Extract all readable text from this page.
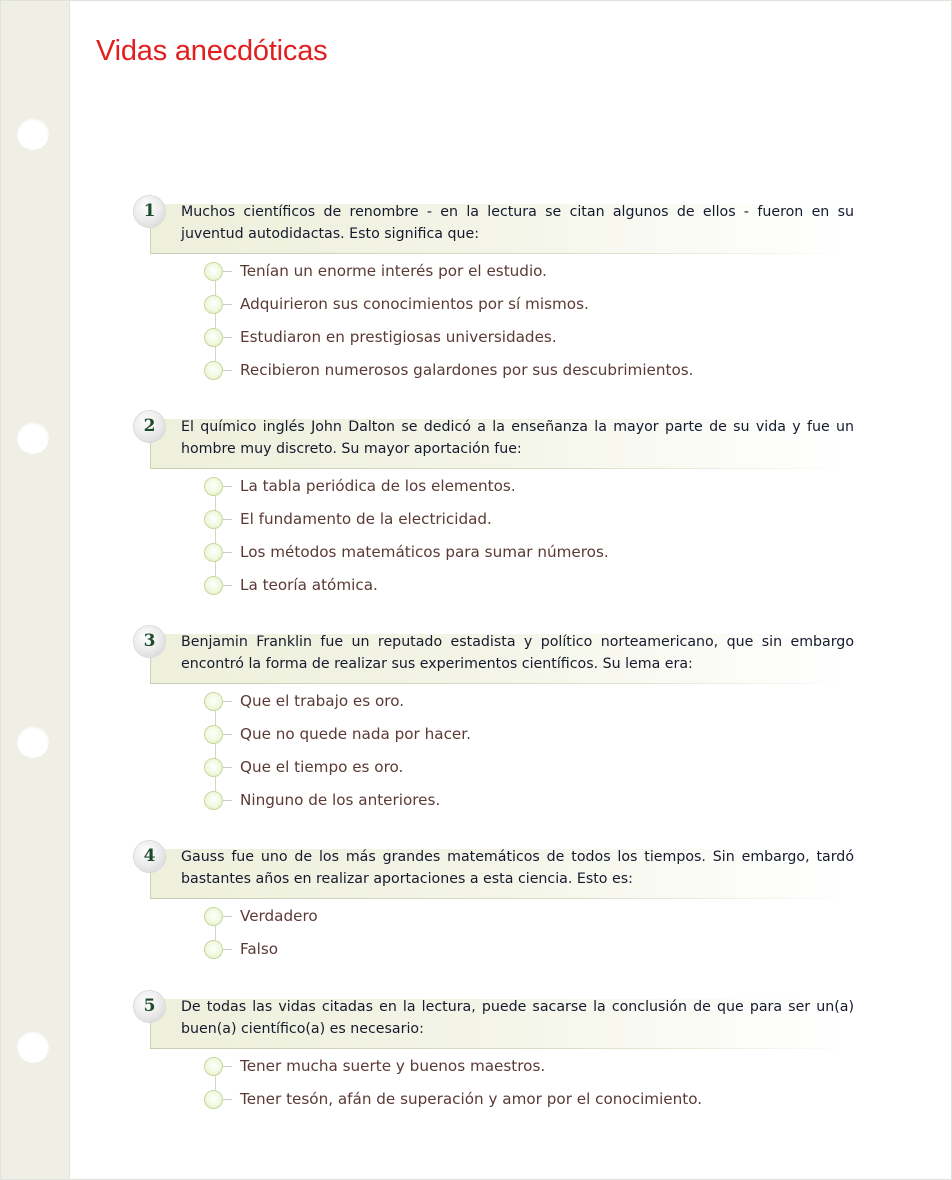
Vidas anecdóticas
1	Muchos científicos de renombre - en la lectura se citan algunos de ellos - fueron en su juventud autodidactas. Esto significa que:

Tenían un enorme interés por el estudio.
Adquirieron sus conocimientos por sí mismos.
Estudiaron en prestigiosas universidades.
Recibieron numerosos galardones por sus descubrimientos.
2	El químico inglés John Dalton se dedicó a la enseñanza la mayor parte de su vida y fue un hombre muy discreto. Su mayor aportación fue:

La tabla periódica de los elementos.
El fundamento de la electricidad.
Los métodos matemáticos para sumar números.
La teoría atómica.
3	Benjamin Franklin fue un reputado estadista y político norteamericano, que sin embargo encontró la forma de realizar sus experimentos científicos. Su lema era:

Que el trabajo es oro.
Que no quede nada por hacer.
Que el tiempo es oro.
Ninguno de los anteriores.
4	Gauss fue uno de los más grandes matemáticos de todos los tiempos. Sin embargo, tardó bastantes años en realizar aportaciones a esta ciencia. Esto es:

Verdadero
Falso
5	De todas las vidas citadas en la lectura, puede sacarse la conclusión de que para ser un(a) buen(a) científico(a) es necesario:

Tener mucha suerte y buenos maestros.
Tener tesón, afán de superación y amor por el conocimiento.
